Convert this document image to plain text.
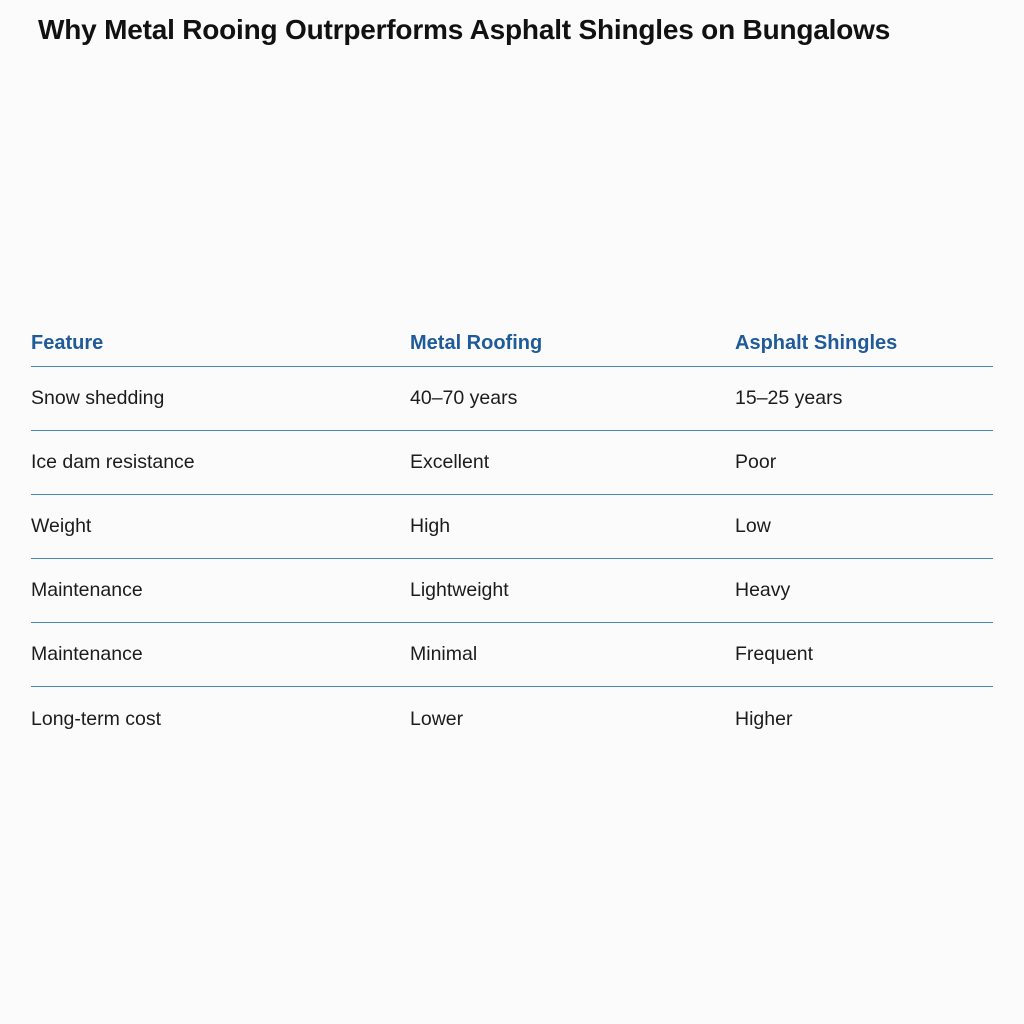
Why Metal Rooing Outrperforms Asphalt Shingles on Bungalows
Feature	Metal Roofing	Asphalt Shingles
Snow shedding	40–70 years	15–25 years
Ice dam resistance	Excellent	Poor
Weight	High	Low
Maintenance	Lightweight	Heavy
Maintenance	Minimal	Frequent
Long-term cost	Lower	Higher
